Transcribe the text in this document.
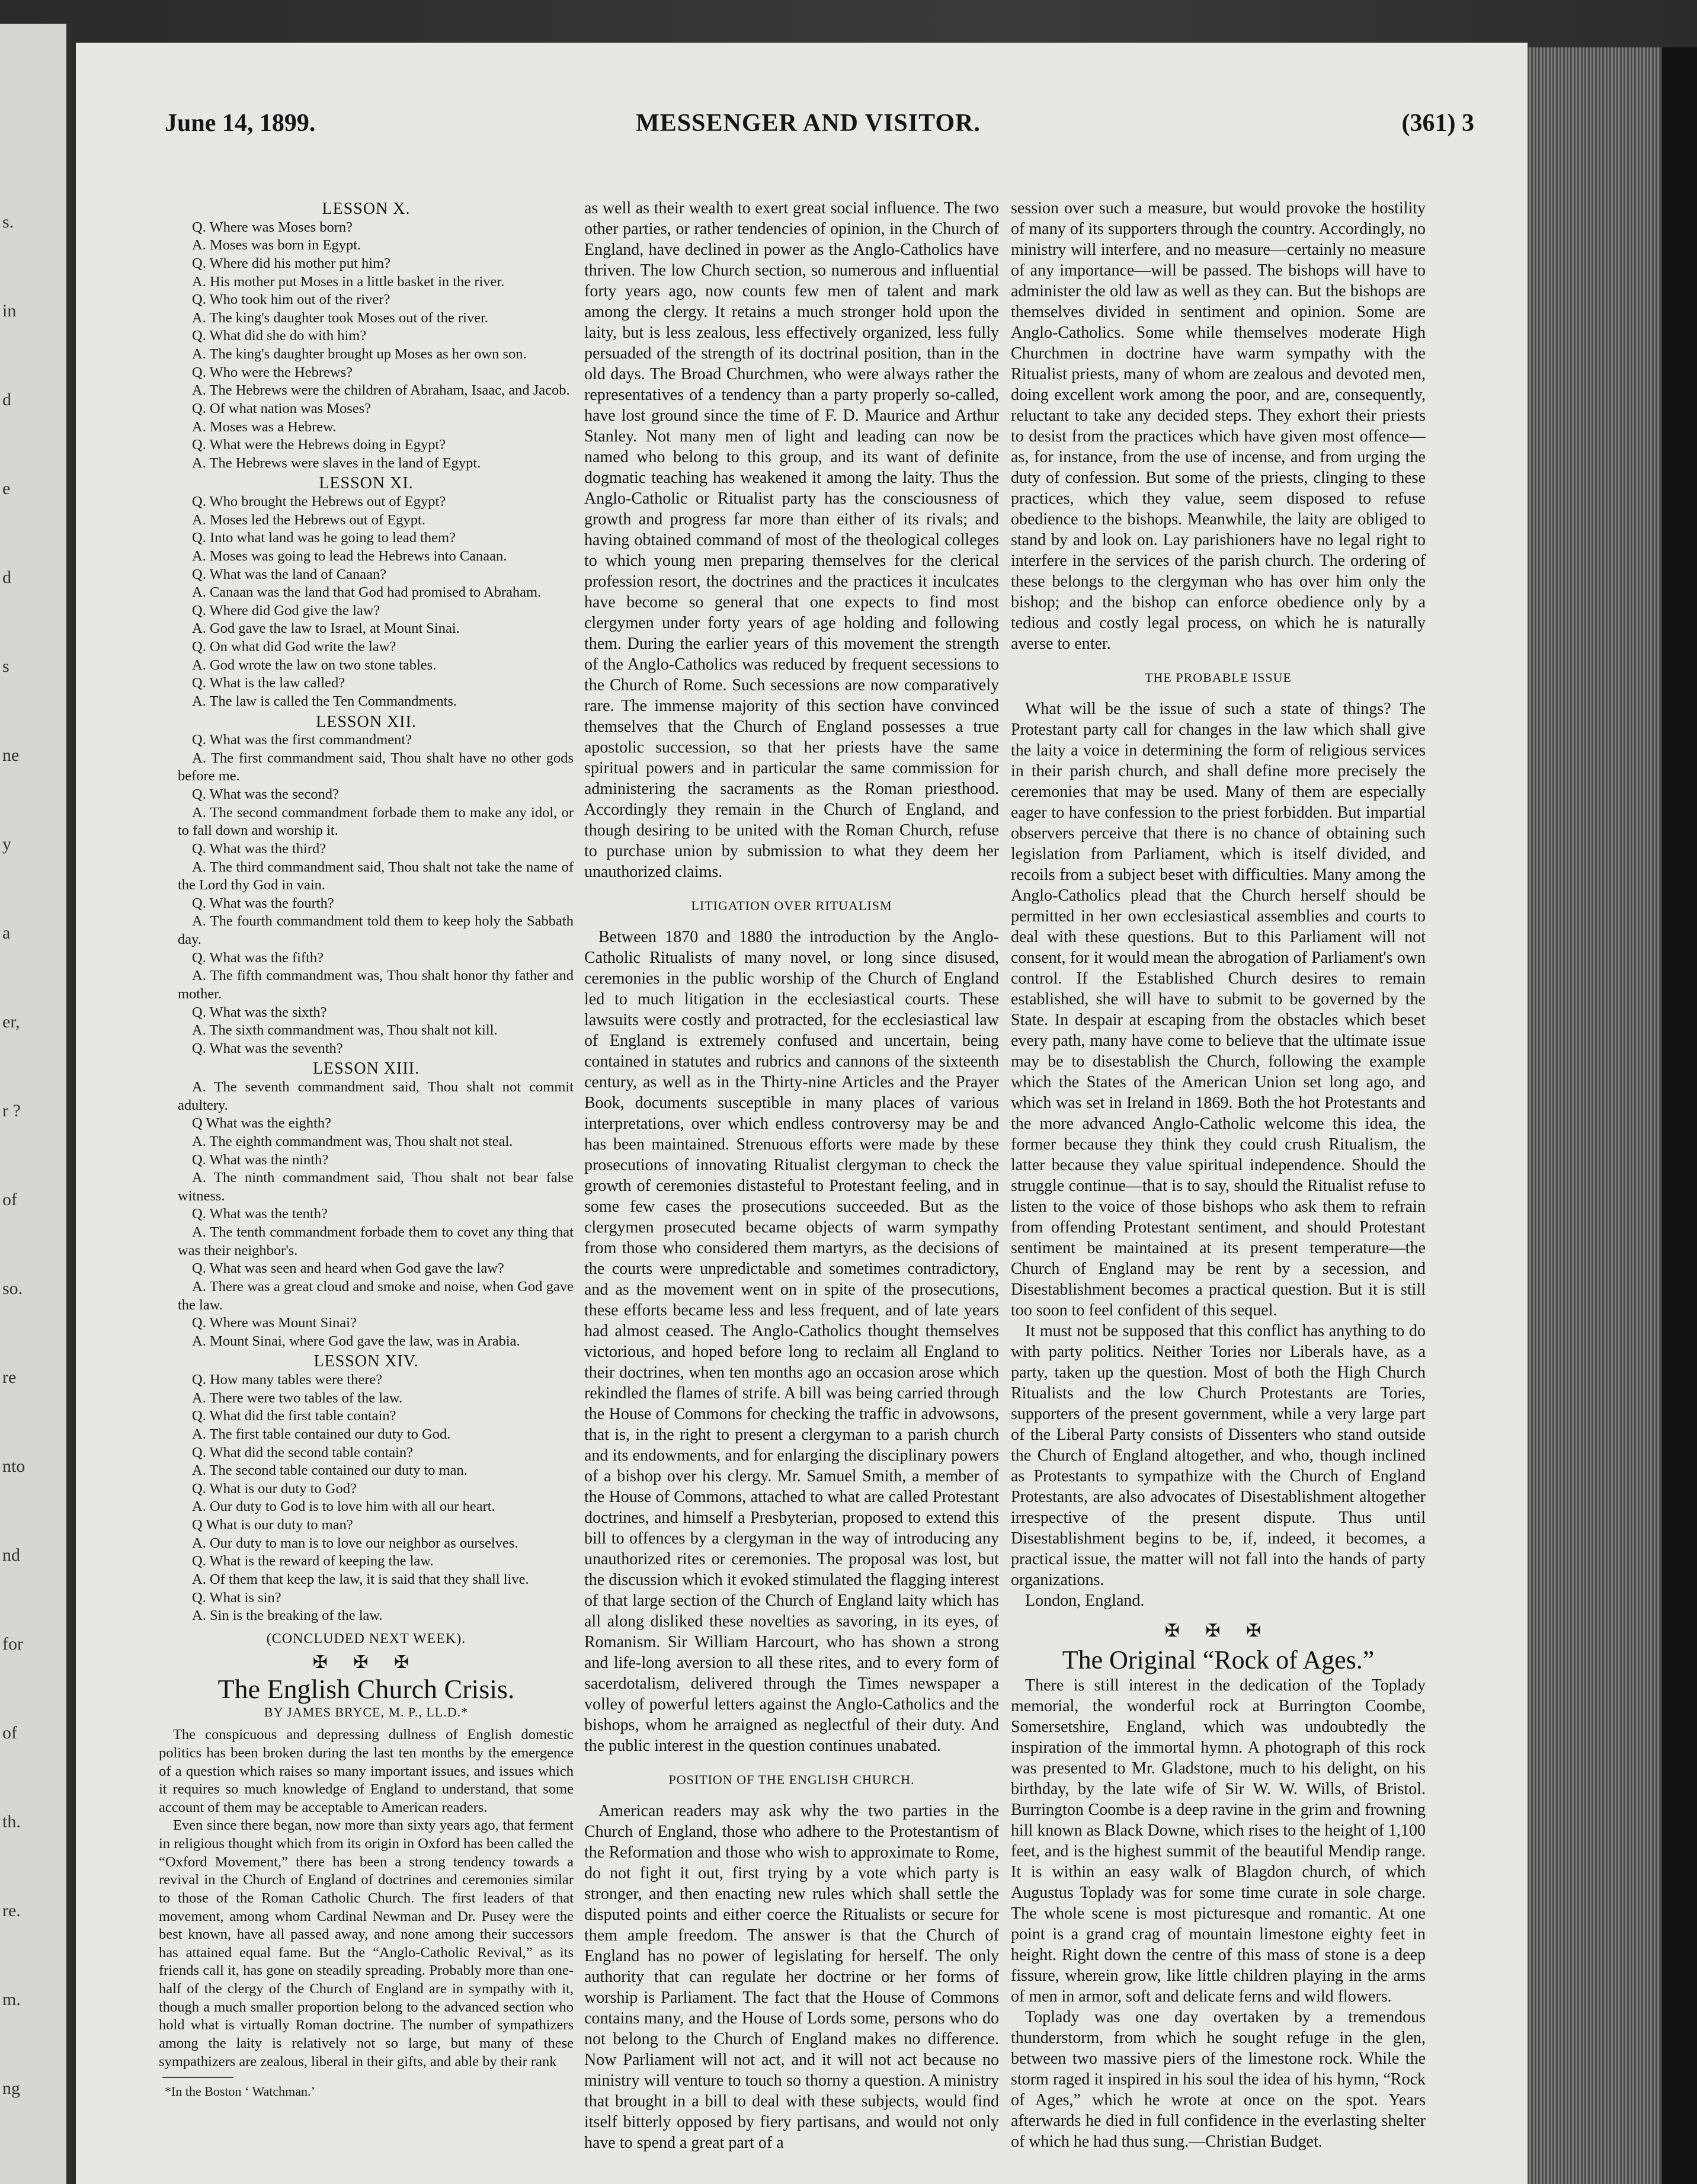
June 14, 1899.	MESSENGER AND VISITOR.	(361) 3
LESSON X.

Q. Where was Moses born?

A. Moses was born in Egypt.

Q. Where did his mother put him?

A. His mother put Moses in a little basket in the river.

Q. Who took him out of the river?

A. The king's daughter took Moses out of the river.

Q. What did she do with him?

A. The king's daughter brought up Moses as her own son.

Q. Who were the Hebrews?

A. The Hebrews were the children of Abraham, Isaac, and Jacob.

Q. Of what nation was Moses?

A. Moses was a Hebrew.

Q. What were the Hebrews doing in Egypt?

A. The Hebrews were slaves in the land of Egypt.

LESSON XI.

Q. Who brought the Hebrews out of Egypt?

A. Moses led the Hebrews out of Egypt.

Q. Into what land was he going to lead them?

A. Moses was going to lead the Hebrews into Canaan.

Q. What was the land of Canaan?

A. Canaan was the land that God had promised to Abraham.

Q. Where did God give the law?

A. God gave the law to Israel, at Mount Sinai.

Q. On what did God write the law?

A. God wrote the law on two stone tables.

Q. What is the law called?

A. The law is called the Ten Commandments.

LESSON XII.

Q. What was the first commandment?

A. The first commandment said, Thou shalt have no other gods before me.

Q. What was the second?

A. The second commandment forbade them to make any idol, or to fall down and worship it.

Q. What was the third?

A. The third commandment said, Thou shalt not take the name of the Lord thy God in vain.

Q. What was the fourth?

A. The fourth commandment told them to keep holy the Sabbath day.

Q. What was the fifth?

A. The fifth commandment was, Thou shalt honor thy father and mother.

Q. What was the sixth?

A. The sixth commandment was, Thou shalt not kill.

Q. What was the seventh?

LESSON XIII.

A. The seventh commandment said, Thou shalt not commit adultery.

Q What was the eighth?

A. The eighth commandment was, Thou shalt not steal.

Q. What was the ninth?

A. The ninth commandment said, Thou shalt not bear false witness.

Q. What was the tenth?

A. The tenth commandment forbade them to covet any thing that was their neighbor's.

Q. What was seen and heard when God gave the law?

A. There was a great cloud and smoke and noise, when God gave the law.

Q. Where was Mount Sinai?

A. Mount Sinai, where God gave the law, was in Arabia.

LESSON XIV.

Q. How many tables were there?

A. There were two tables of the law.

Q. What did the first table contain?

A. The first table contained our duty to God.

Q. What did the second table contain?

A. The second table contained our duty to man.

Q. What is our duty to God?

A. Our duty to God is to love him with all our heart.

Q What is our duty to man?

A. Our duty to man is to love our neighbor as ourselves.

Q. What is the reward of keeping the law.

A. Of them that keep the law, it is said that they shall live.

Q. What is sin?

A. Sin is the breaking of the law.

(CONCLUDED NEXT WEEK).
✠ ✠ ✠
The English Church Crisis.
BY JAMES BRYCE, M. P., LL.D.*

The conspicuous and depressing dullness of English domestic politics has been broken during the last ten months by the emergence of a question which raises so many important issues, and issues which it requires so much knowledge of England to understand, that some account of them may be acceptable to American readers.

Even since there began, now more than sixty years ago, that ferment in religious thought which from its origin in Oxford has been called the “Oxford Movement,” there has been a strong tendency towards a revival in the Church of England of doctrines and ceremonies similar to those of the Roman Catholic Church. The first leaders of that movement, among whom Cardinal Newman and Dr. Pusey were the best known, have all passed away, and none among their successors has attained equal fame. But the “Anglo-Catholic Revival,” as its friends call it, has gone on steadily spreading. Probably more than one-half of the clergy of the Church of England are in sympathy with it, though a much smaller proportion belong to the advanced section who hold what is virtually Roman doctrine. The number of sympathizers among the laity is relatively not so large, but many of these sympathizers are zealous, liberal in their gifts, and able by their rank

*In the Boston ‘ Watchman.’

as well as their wealth to exert great social influence. The two other parties, or rather tendencies of opinion, in the Church of England, have declined in power as the Anglo-Catholics have thriven. The low Church section, so numerous and influential forty years ago, now counts few men of talent and mark among the clergy. It retains a much stronger hold upon the laity, but is less zealous, less effectively organized, less fully persuaded of the strength of its doctrinal position, than in the old days. The Broad Churchmen, who were always rather the representatives of a tendency than a party properly so-called, have lost ground since the time of F. D. Maurice and Arthur Stanley. Not many men of light and leading can now be named who belong to this group, and its want of definite dogmatic teaching has weakened it among the laity. Thus the Anglo-Catholic or Ritualist party has the consciousness of growth and progress far more than either of its rivals; and having obtained command of most of the theological colleges to which young men preparing themselves for the clerical profession resort, the doctrines and the practices it inculcates have become so general that one expects to find most clergymen under forty years of age holding and following them. During the earlier years of this movement the strength of the Anglo-Catholics was reduced by frequent secessions to the Church of Rome. Such secessions are now comparatively rare. The immense majority of this section have convinced themselves that the Church of England possesses a true apostolic succession, so that her priests have the same spiritual powers and in particular the same commission for administering the sacraments as the Roman priesthood. Accordingly they remain in the Church of England, and though desiring to be united with the Roman Church, refuse to purchase union by submission to what they deem her unauthorized claims.

LITIGATION OVER RITUALISM

Between 1870 and 1880 the introduction by the Anglo-Catholic Ritualists of many novel, or long since disused, ceremonies in the public worship of the Church of England led to much litigation in the ecclesiastical courts. These lawsuits were costly and protracted, for the ecclesiastical law of England is extremely confused and uncertain, being contained in statutes and rubrics and cannons of the sixteenth century, as well as in the Thirty-nine Articles and the Prayer Book, documents susceptible in many places of various interpretations, over which endless controversy may be and has been maintained. Strenuous efforts were made by these prosecutions of innovating Ritualist clergyman to check the growth of ceremonies distasteful to Protestant feeling, and in some few cases the prosecutions succeeded. But as the clergymen prosecuted became objects of warm sympathy from those who considered them martyrs, as the decisions of the courts were unpredictable and sometimes contradictory, and as the movement went on in spite of the prosecutions, these efforts became less and less frequent, and of late years had almost ceased. The Anglo-Catholics thought themselves victorious, and hoped before long to reclaim all England to their doctrines, when ten months ago an occasion arose which rekindled the flames of strife. A bill was being carried through the House of Commons for checking the traffic in advowsons, that is, in the right to present a clergyman to a parish church and its endowments, and for enlarging the disciplinary powers of a bishop over his clergy. Mr. Samuel Smith, a member of the House of Commons, attached to what are called Protestant doctrines, and himself a Presbyterian, proposed to extend this bill to offences by a clergyman in the way of introducing any unauthorized rites or ceremonies. The proposal was lost, but the discussion which it evoked stimulated the flagging interest of that large section of the Church of England laity which has all along disliked these novelties as savoring, in its eyes, of Romanism. Sir William Harcourt, who has shown a strong and life-long aversion to all these rites, and to every form of sacerdotalism, delivered through the Times newspaper a volley of powerful letters against the Anglo-Catholics and the bishops, whom he arraigned as neglectful of their duty. And the public interest in the question continues unabated.

POSITION OF THE ENGLISH CHURCH.

American readers may ask why the two parties in the Church of England, those who adhere to the Protestantism of the Reformation and those who wish to approximate to Rome, do not fight it out, first trying by a vote which party is stronger, and then enacting new rules which shall settle the disputed points and either coerce the Ritualists or secure for them ample freedom. The answer is that the Church of England has no power of legislating for herself. The only authority that can regulate her doctrine or her forms of worship is Parliament. The fact that the House of Commons contains many, and the House of Lords some, persons who do not belong to the Church of England makes no difference. Now Parliament will not act, and it will not act because no ministry will venture to touch so thorny a question. A ministry that brought in a bill to deal with these subjects, would find itself bitterly opposed by fiery partisans, and would not only have to spend a great part of a

session over such a measure, but would provoke the hostility of many of its supporters through the country. Accordingly, no ministry will interfere, and no measure—certainly no measure of any importance—will be passed. The bishops will have to administer the old law as well as they can. But the bishops are themselves divided in sentiment and opinion. Some are Anglo-Catholics. Some while themselves moderate High Churchmen in doctrine have warm sympathy with the Ritualist priests, many of whom are zealous and devoted men, doing excellent work among the poor, and are, consequently, reluctant to take any decided steps. They exhort their priests to desist from the practices which have given most offence—as, for instance, from the use of incense, and from urging the duty of confession. But some of the priests, clinging to these practices, which they value, seem disposed to refuse obedience to the bishops. Meanwhile, the laity are obliged to stand by and look on. Lay parishioners have no legal right to interfere in the services of the parish church. The ordering of these belongs to the clergyman who has over him only the bishop; and the bishop can enforce obedience only by a tedious and costly legal process, on which he is naturally averse to enter.

THE PROBABLE ISSUE

What will be the issue of such a state of things? The Protestant party call for changes in the law which shall give the laity a voice in determining the form of religious services in their parish church, and shall define more precisely the ceremonies that may be used. Many of them are especially eager to have confession to the priest forbidden. But impartial observers perceive that there is no chance of obtaining such legislation from Parliament, which is itself divided, and recoils from a subject beset with difficulties. Many among the Anglo-Catholics plead that the Church herself should be permitted in her own ecclesiastical assemblies and courts to deal with these questions. But to this Parliament will not consent, for it would mean the abrogation of Parliament's own control. If the Established Church desires to remain established, she will have to submit to be governed by the State. In despair at escaping from the obstacles which beset every path, many have come to believe that the ultimate issue may be to disestablish the Church, following the example which the States of the American Union set long ago, and which was set in Ireland in 1869. Both the hot Protestants and the more advanced Anglo-Catholic welcome this idea, the former because they think they could crush Ritualism, the latter because they value spiritual independence. Should the struggle continue—that is to say, should the Ritualist refuse to listen to the voice of those bishops who ask them to refrain from offending Protestant sentiment, and should Protestant sentiment be maintained at its present temperature—the Church of England may be rent by a secession, and Disestablishment becomes a practical question. But it is still too soon to feel confident of this sequel.

It must not be supposed that this conflict has anything to do with party politics. Neither Tories nor Liberals have, as a party, taken up the question. Most of both the High Church Ritualists and the low Church Protestants are Tories, supporters of the present government, while a very large part of the Liberal Party consists of Dissenters who stand outside the Church of England altogether, and who, though inclined as Protestants to sympathize with the Church of England Protestants, are also advocates of Disestablishment altogether irrespective of the present dispute. Thus until Disestablishment begins to be, if, indeed, it becomes, a practical issue, the matter will not fall into the hands of party organizations.

London, England.

✠ ✠ ✠
The Original “Rock of Ages.”

There is still interest in the dedication of the Toplady memorial, the wonderful rock at Burrington Coombe, Somersetshire, England, which was undoubtedly the inspiration of the immortal hymn. A photograph of this rock was presented to Mr. Gladstone, much to his delight, on his birthday, by the late wife of Sir W. W. Wills, of Bristol. Burrington Coombe is a deep ravine in the grim and frowning hill known as Black Downe, which rises to the height of 1,100 feet, and is the highest summit of the beautiful Mendip range. It is within an easy walk of Blagdon church, of which Augustus Toplady was for some time curate in sole charge. The whole scene is most picturesque and romantic. At one point is a grand crag of mountain limestone eighty feet in height. Right down the centre of this mass of stone is a deep fissure, wherein grow, like little children playing in the arms of men in armor, soft and delicate ferns and wild flowers.

Toplady was one day overtaken by a tremendous thunderstorm, from which he sought refuge in the glen, between two massive piers of the limestone rock. While the storm raged it inspired in his soul the idea of his hymn, “Rock of Ages,” which he wrote at once on the spot. Years afterwards he died in full confidence in the everlasting shelter of which he had thus sung.—Christian Budget.

s.
in
d
e
d
s
ne
y
a
er,
r ?
of
so.
re
nto
nd
for
of
th.
re.
m.
ng
